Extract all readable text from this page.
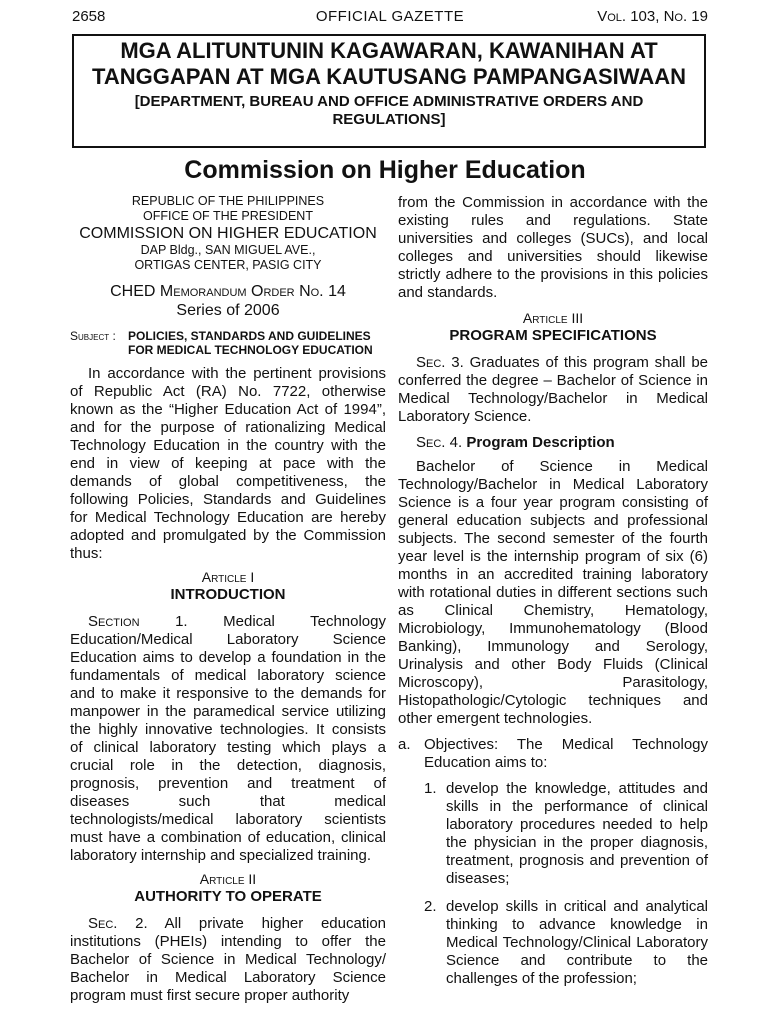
2658	OFFICIAL GAZETTE	Vol. 103, No. 19
MGA ALITUNTUNIN KAGAWARAN, KAWANIHAN AT
TANGGAPAN AT MGA KAUTUSANG PAMPANGASIWAAN
[DEPARTMENT, BUREAU AND OFFICE ADMINISTRATIVE ORDERS AND REGULATIONS]
Commission on Higher Education
REPUBLIC OF THE PHILIPPINES
OFFICE OF THE PRESIDENT
COMMISSION ON HIGHER EDUCATION
DAP Bldg., SAN MIGUEL AVE.,
ORTIGAS CENTER, PASIG CITY
CHED Memorandum Order No. 14
Series of 2006
Subject :	POLICIES, STANDARDS AND GUIDELINES FOR MEDICAL TECHNOLOGY EDUCATION

In accordance with the pertinent provisions of Republic Act (RA) No. 7722, otherwise known as the “Higher Education Act of 1994”, and for the purpose of rationalizing Medical Technology Education in the country with the end in view of keeping at pace with the demands of global competitiveness, the following Policies, Standards and Guidelines for Medical Technology Education are hereby adopted and promulgated by the Commission thus:

Article I
INTRODUCTION

Section 1. Medical Technology Education/Medical Laboratory Science Education aims to develop a foundation in the fundamentals of medical laboratory science and to make it responsive to the demands for manpower in the paramedical service utilizing the highly innovative technologies. It consists of clinical laboratory testing which plays a crucial role in the detection, diagnosis, prognosis, prevention and treatment of diseases such that medical technologists/medical laboratory scientists must have a combination of education, clinical laboratory internship and specialized training.

Article II
AUTHORITY TO OPERATE

Sec. 2. All private higher education institutions (PHEIs) intending to offer the Bachelor of Science in Medical Technology/ Bachelor in Medical Laboratory Science program must first secure proper authority

from the Commission in accordance with the existing rules and regulations. State universities and colleges (SUCs), and local colleges and universities should likewise strictly adhere to the provisions in this policies and standards.

Article III
PROGRAM SPECIFICATIONS

Sec. 3. Graduates of this program shall be conferred the degree – Bachelor of Science in Medical Technology/Bachelor in Medical Laboratory Science.

Sec. 4. Program Description

Bachelor of Science in Medical Technology/Bachelor in Medical Laboratory Science is a four year program consisting of general education subjects and professional subjects. The second semester of the fourth year level is the internship program of six (6) months in an accredited training laboratory with rotational duties in different sections such as Clinical Chemistry, Hematology, Microbiology, Immunohematology (Blood Banking), Immunology and Serology, Urinalysis and other Body Fluids (Clinical Microscopy), Parasitology, Histopathologic/Cytologic techniques and other emergent technologies.

a. Objectives: The Medical Technology Education aims to:

1. develop the knowledge, attitudes and skills in the performance of clinical laboratory procedures needed to help the physician in the proper diagnosis, treatment, prognosis and prevention of diseases;

2. develop skills in critical and analytical thinking to advance knowledge in Medical Technology/Clinical Laboratory Science and contribute to the challenges of the profession;
